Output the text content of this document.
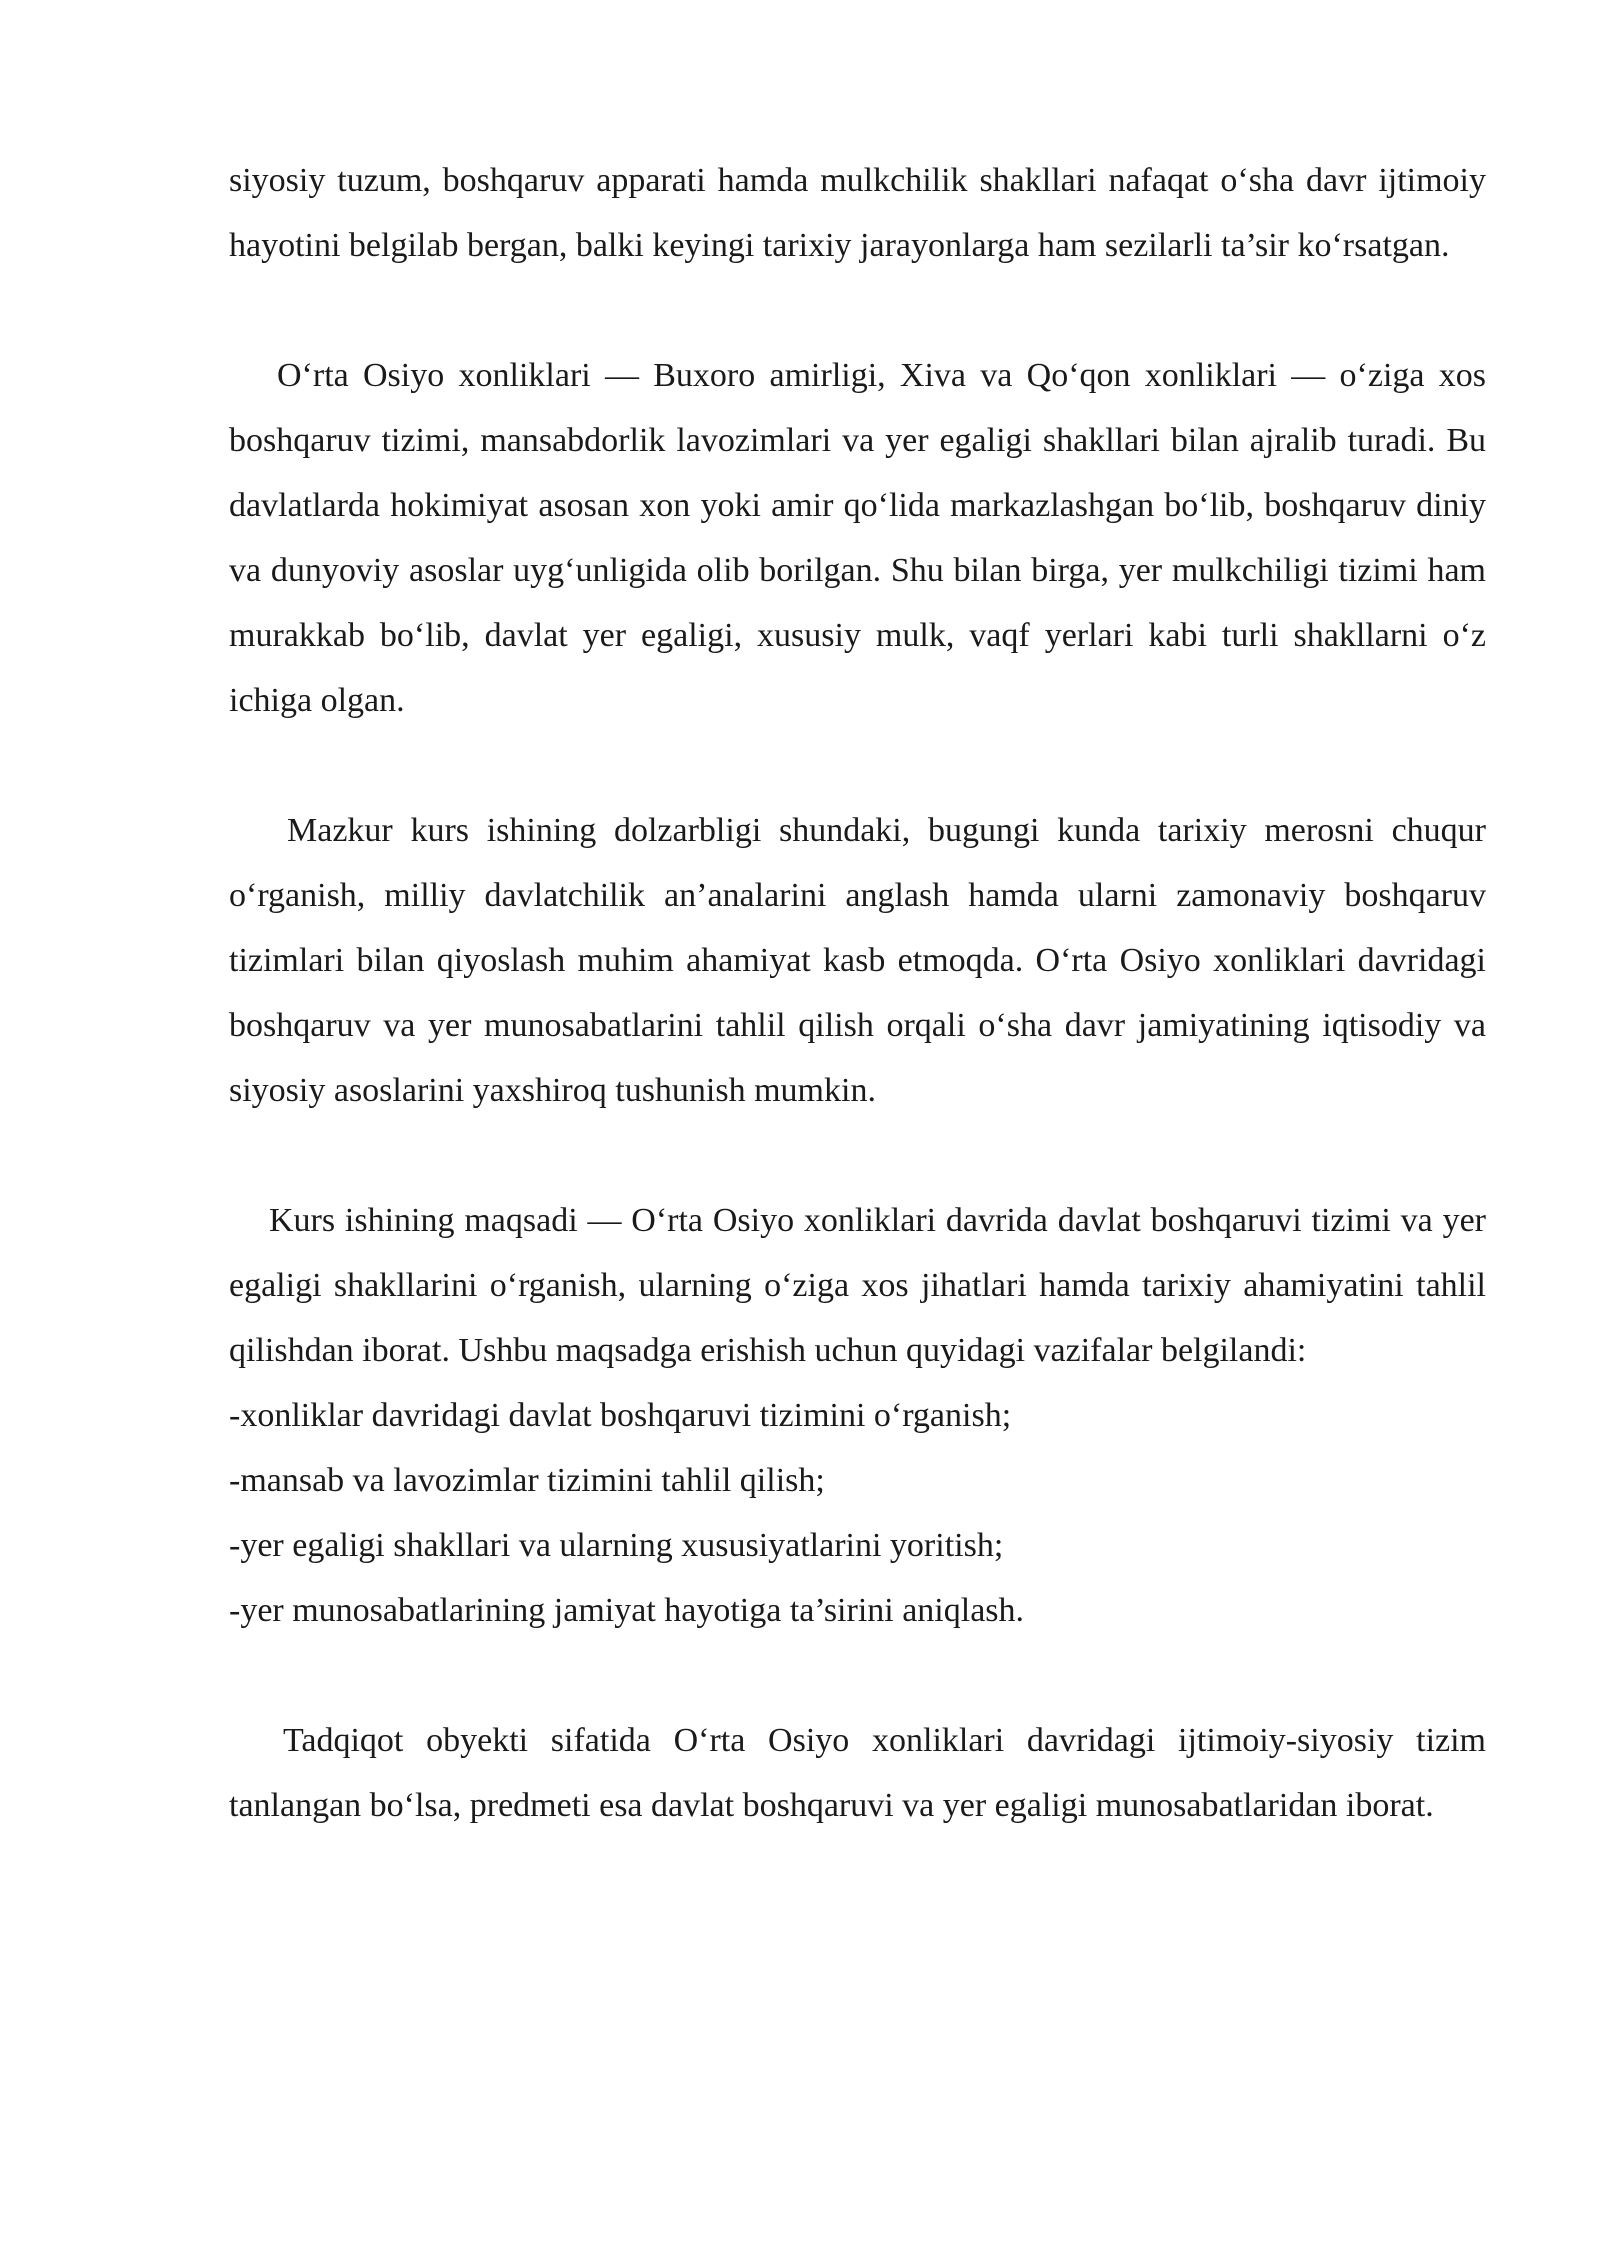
siyosiy tuzum, boshqaruv apparati hamda mulkchilik shakllari nafaqat o‘sha davr ijtimoiy hayotini belgilab bergan, balki keyingi tarixiy jarayonlarga ham sezilarli ta’sir ko‘rsatgan.

O‘rta Osiyo xonliklari — Buxoro amirligi, Xiva va Qo‘qon xonliklari — o‘ziga xos boshqaruv tizimi, mansabdorlik lavozimlari va yer egaligi shakllari bilan ajralib turadi. Bu davlatlarda hokimiyat asosan xon yoki amir qo‘lida markazlashgan bo‘lib, boshqaruv diniy va dunyoviy asoslar uyg‘unligida olib borilgan. Shu bilan birga, yer mulkchiligi tizimi ham murakkab bo‘lib, davlat yer egaligi, xususiy mulk, vaqf yerlari kabi turli shakllarni o‘z ichiga olgan.

Mazkur kurs ishining dolzarbligi shundaki, bugungi kunda tarixiy merosni chuqur o‘rganish, milliy davlatchilik an’analarini anglash hamda ularni zamonaviy boshqaruv tizimlari bilan qiyoslash muhim ahamiyat kasb etmoqda. O‘rta Osiyo xonliklari davridagi boshqaruv va yer munosabatlarini tahlil qilish orqali o‘sha davr jamiyatining iqtisodiy va siyosiy asoslarini yaxshiroq tushunish mumkin.

Kurs ishining maqsadi — O‘rta Osiyo xonliklari davrida davlat boshqaruvi tizimi va yer egaligi shakllarini o‘rganish, ularning o‘ziga xos jihatlari hamda tarixiy ahamiyatini tahlil qilishdan iborat. Ushbu maqsadga erishish uchun quyidagi vazifalar belgilandi:

-xonliklar davridagi davlat boshqaruvi tizimini o‘rganish;

-mansab va lavozimlar tizimini tahlil qilish;

-yer egaligi shakllari va ularning xususiyatlarini yoritish;

-yer munosabatlarining jamiyat hayotiga ta’sirini aniqlash.

Tadqiqot obyekti sifatida O‘rta Osiyo xonliklari davridagi ijtimoiy-siyosiy tizim tanlangan bo‘lsa, predmeti esa davlat boshqaruvi va yer egaligi munosabatlaridan iborat.
